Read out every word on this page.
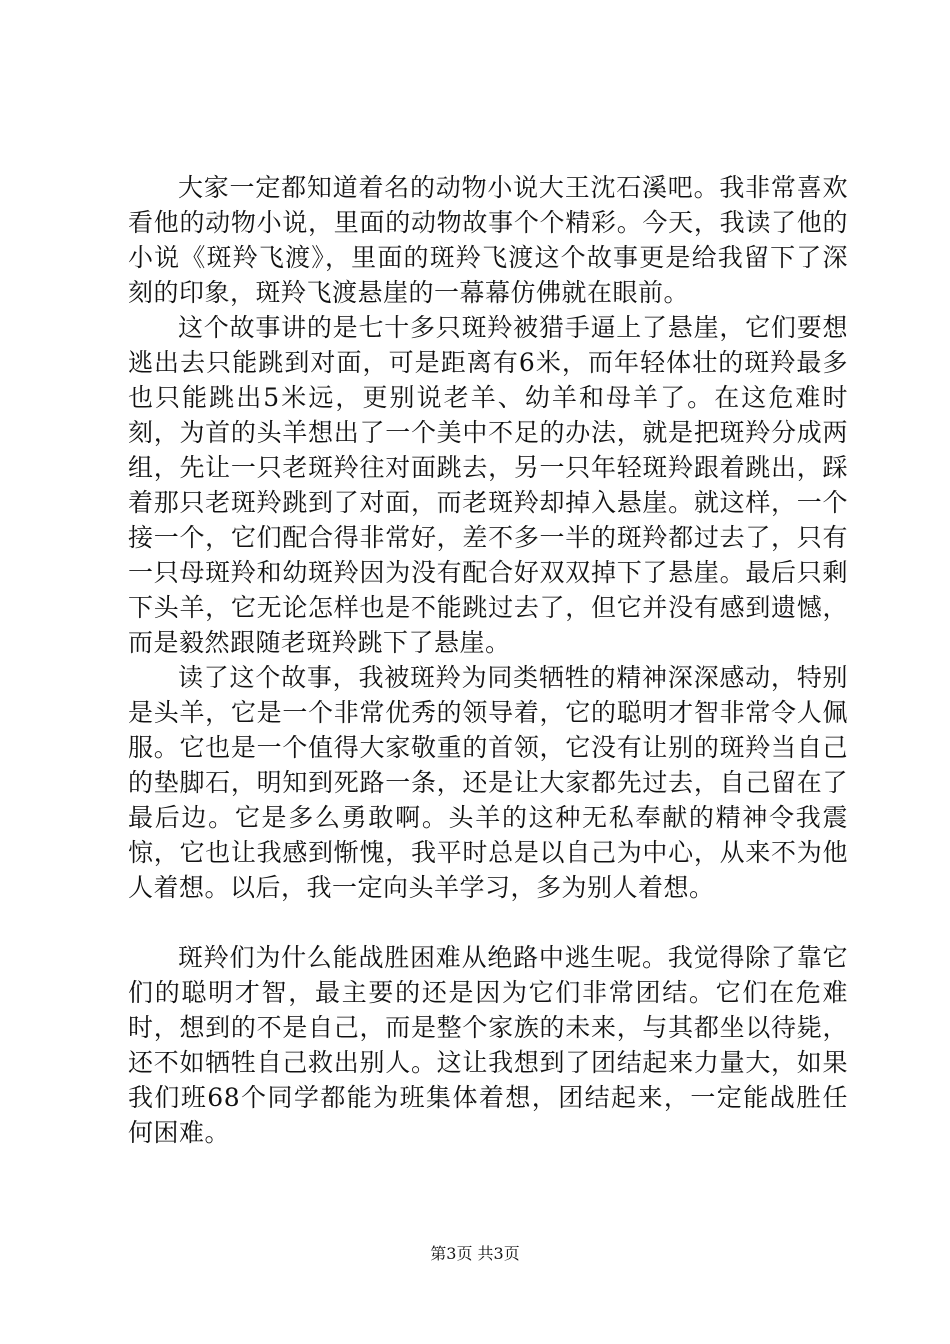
大家一定都知道着名的动物小说大王沈石溪吧。我非常喜欢看他的动物小说，里面的动物故事个个精彩。今天，我读了他的小说《斑羚飞渡》，里面的斑羚飞渡这个故事更是给我留下了深刻的印象，斑羚飞渡悬崖的一幕幕仿佛就在眼前。

这个故事讲的是七十多只斑羚被猎手逼上了悬崖，它们要想逃出去只能跳到对面，可是距离有6米，而年轻体壮的斑羚最多也只能跳出5米远，更别说老羊、幼羊和母羊了。在这危难时刻，为首的头羊想出了一个美中不足的办法，就是把斑羚分成两组，先让一只老斑羚往对面跳去，另一只年轻斑羚跟着跳出，踩着那只老斑羚跳到了对面，而老斑羚却掉入悬崖。就这样，一个接一个，它们配合得非常好，差不多一半的斑羚都过去了，只有一只母斑羚和幼斑羚因为没有配合好双双掉下了悬崖。最后只剩下头羊，它无论怎样也是不能跳过去了，但它并没有感到遗憾，而是毅然跟随老斑羚跳下了悬崖。

读了这个故事，我被斑羚为同类牺牲的精神深深感动，特别是头羊，它是一个非常优秀的领导着，它的聪明才智非常令人佩服。它也是一个值得大家敬重的首领，它没有让别的斑羚当自己的垫脚石，明知到死路一条，还是让大家都先过去，自己留在了最后边。它是多么勇敢啊。头羊的这种无私奉献的精神令我震惊，它也让我感到惭愧，我平时总是以自己为中心，从来不为他人着想。以后，我一定向头羊学习，多为别人着想。

斑羚们为什么能战胜困难从绝路中逃生呢。我觉得除了靠它们的聪明才智，最主要的还是因为它们非常团结。它们在危难时，想到的不是自己，而是整个家族的未来，与其都坐以待毙，还不如牺牲自己救出别人。这让我想到了团结起来力量大，如果我们班68个同学都能为班集体着想，团结起来，一定能战胜任何困难。

第3页 共3页
